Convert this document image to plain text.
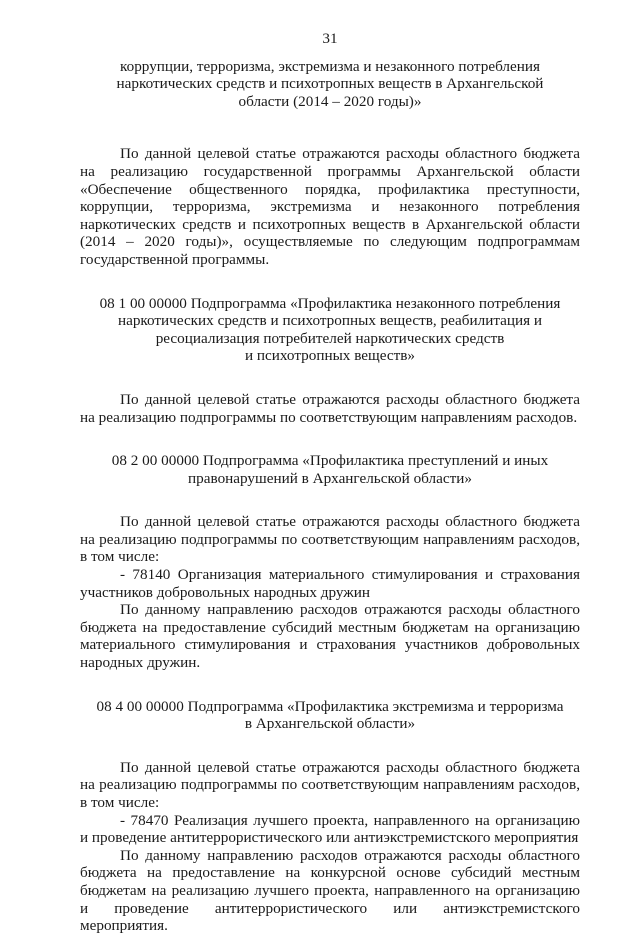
31
коррупции, терроризма, экстремизма и незаконного потребления
наркотических средств и психотропных веществ в Архангельской
области (2014 – 2020 годы)»

По данной целевой статье отражаются расходы областного бюджета на реализацию государственной программы Архангельской области «Обеспечение общественного порядка, профилактика преступности, коррупции, терроризма, экстремизма и незаконного потребления наркотических средств и психотропных веществ в Архангельской области (2014 – 2020 годы)», осуществляемые по следующим подпрограммам государственной программы.

08 1 00 00000 Подпрограмма «Профилактика незаконного потребления
наркотических средств и психотропных веществ, реабилитация и
ресоциализация потребителей наркотических средств
и психотропных веществ»

По данной целевой статье отражаются расходы областного бюджета на реализацию подпрограммы по соответствующим направлениям расходов.

08 2 00 00000 Подпрограмма «Профилактика преступлений и иных
правонарушений в Архангельской области»

По данной целевой статье отражаются расходы областного бюджета на реализацию подпрограммы по соответствующим направлениям расходов, в том числе:

- 78140 Организация материального стимулирования и страхования участников добровольных народных дружин

По данному направлению расходов отражаются расходы областного бюджета на предоставление субсидий местным бюджетам на организацию материального стимулирования и страхования участников добровольных народных дружин.

08 4 00 00000 Подпрограмма «Профилактика экстремизма и терроризма
в Архангельской области»

По данной целевой статье отражаются расходы областного бюджета на реализацию подпрограммы по соответствующим направлениям расходов, в том числе:

- 78470 Реализация лучшего проекта, направленного на организацию и проведение антитеррористического или антиэкстремистского мероприятия

По данному направлению расходов отражаются расходы областного бюджета на предоставление на конкурсной основе субсидий местным бюджетам на реализацию лучшего проекта, направленного на организацию и проведение антитеррористического или антиэкстремистского мероприятия.
